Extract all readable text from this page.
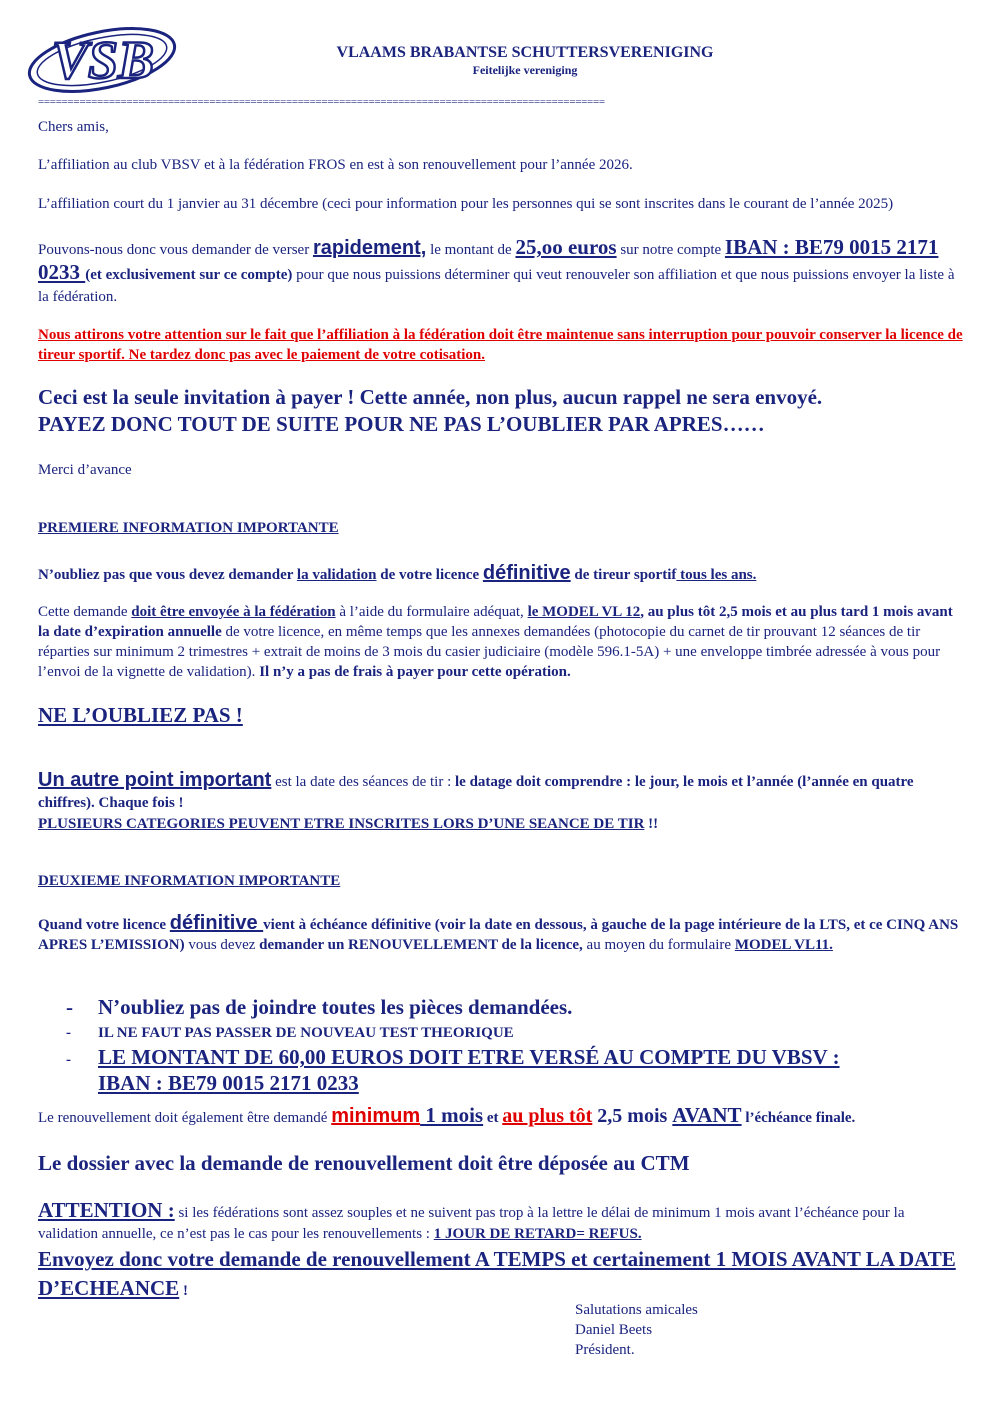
VSB	VLAAMS BRABANTSE SCHUTTERSVERENIGING
Feitelijke vereniging
================================================================================================
Chers amis,
L’affiliation au club VBSV et à la fédération FROS en est à son renouvellement pour l’année 2026.
L’affiliation court du 1 janvier au 31 décembre (ceci pour information pour les personnes qui se sont inscrites dans le courant de l’année 2025)
Pouvons-nous donc vous demander de verser rapidement, le montant de 25,oo euros sur notre compte IBAN : BE79 0015 2171 0233 (et exclusivement sur ce compte) pour que nous puissions déterminer qui veut renouveler son affiliation et que nous puissions envoyer la liste à la fédération.
Nous attirons votre attention sur le fait que l’affiliation à la fédération doit être maintenue sans interruption pour pouvoir conserver la licence de tireur sportif. Ne tardez donc pas avec le paiement de votre cotisation.
Ceci est la seule invitation à payer ! Cette année, non plus, aucun rappel ne sera envoyé.
PAYEZ DONC TOUT DE SUITE POUR NE PAS L’OUBLIER PAR APRES……
Merci d’avance
PREMIERE INFORMATION IMPORTANTE
N’oubliez pas que vous devez demander la validation de votre licence définitive de tireur sportif tous les ans.
Cette demande doit être envoyée à la fédération à l’aide du formulaire adéquat, le MODEL VL 12, au plus tôt 2,5 mois et au plus tard 1 mois avant la date d’expiration annuelle de votre licence, en même temps que les annexes demandées (photocopie du carnet de tir prouvant 12 séances de tir réparties sur minimum 2 trimestres + extrait de moins de 3 mois du casier judiciaire (modèle 596.1-5A) + une enveloppe timbrée adressée à vous pour l’envoi de la vignette de validation). Il n’y a pas de frais à payer pour cette opération.
NE L’OUBLIEZ PAS !
Un autre point important est la date des séances de tir : le datage doit comprendre : le jour, le mois et l’année (l’année en quatre chiffres). Chaque fois !
PLUSIEURS CATEGORIES PEUVENT ETRE INSCRITES LORS D’UNE SEANCE DE TIR !!
DEUXIEME INFORMATION IMPORTANTE
Quand votre licence définitive vient à échéance définitive (voir la date en dessous, à gauche de la page intérieure de la LTS, et ce CINQ ANS APRES L’EMISSION) vous devez demander un RENOUVELLEMENT de la licence, au moyen du formulaire MODEL VL11.
- N’oubliez pas de joindre toutes les pièces demandées.
- IL NE FAUT PAS PASSER DE NOUVEAU TEST THEORIQUE
- LE MONTANT DE 60,00 EUROS DOIT ETRE VERSÉ AU COMPTE DU VBSV :
IBAN : BE79 0015 2171 0233
Le renouvellement doit également être demandé minimum 1 mois et au plus tôt 2,5 mois AVANT l’échéance finale.
Le dossier avec la demande de renouvellement doit être déposée au CTM
ATTENTION : si les fédérations sont assez souples et ne suivent pas trop à la lettre le délai de minimum 1 mois avant l’échéance pour la validation annuelle, ce n’est pas le cas pour les renouvellements : 1 JOUR DE RETARD= REFUS.
Envoyez donc votre demande de renouvellement A TEMPS et certainement 1 MOIS AVANT LA DATE D’ECHEANCE !
Salutations amicales
Daniel Beets
Président.
